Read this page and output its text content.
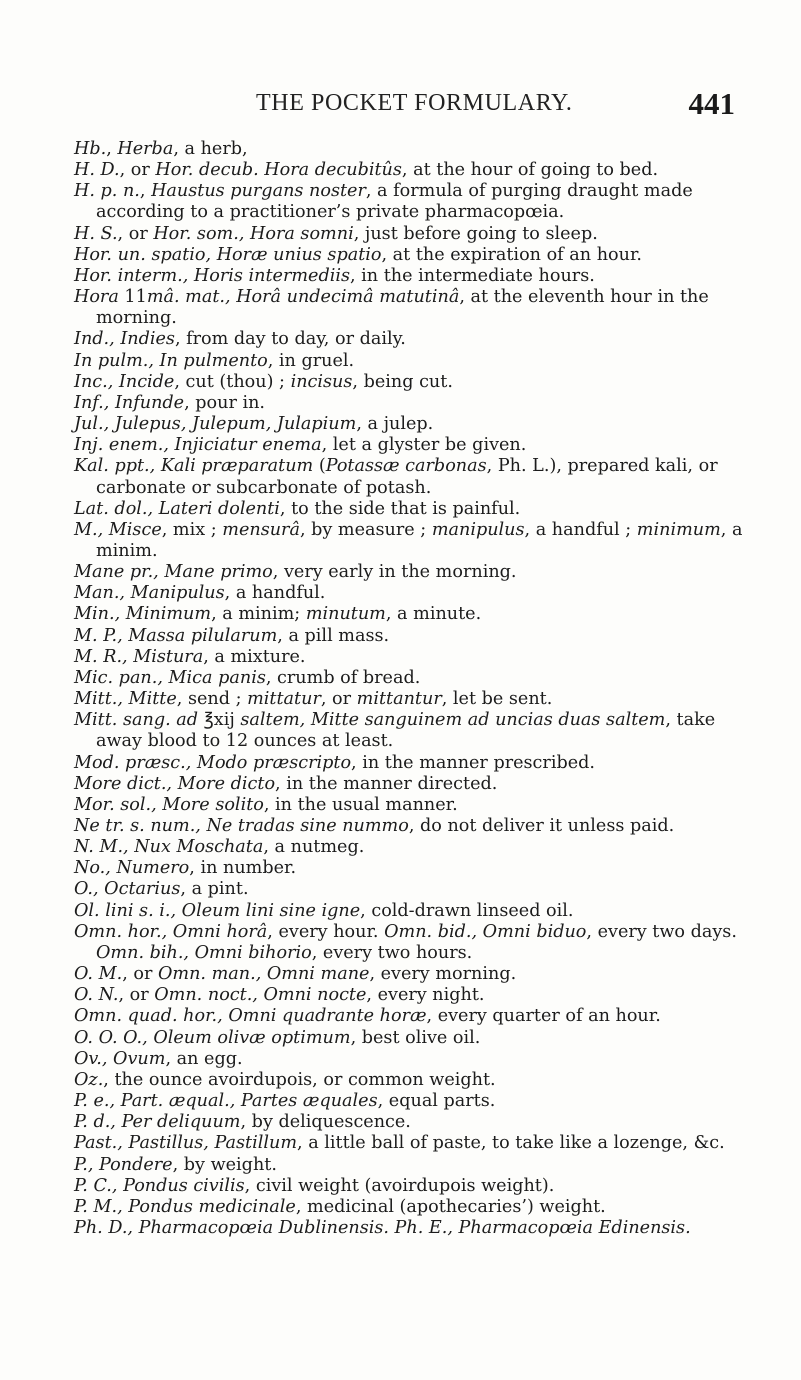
THE POCKET FORMULARY.	441

Hb., Herba, a herb,

H. D., or Hor. decub. Hora decubitûs, at the hour of going to bed.

H. p. n., Haustus purgans noster, a formula of purging draught made according to a practitioner’s private pharmacopœia.

H. S., or Hor. som., Hora somni, just before going to sleep.

Hor. un. spatio, Horæ unius spatio, at the expiration of an hour.

Hor. interm., Horis intermediis, in the intermediate hours.

Hora 11mâ. mat., Horâ undecimâ matutinâ, at the eleventh hour in the morning.

Ind., Indies, from day to day, or daily.

In pulm., In pulmento, in gruel.

Inc., Incide, cut (thou) ; incisus, being cut.

Inf., Infunde, pour in.

Jul., Julepus, Julepum, Julapium, a julep.

Inj. enem., Injiciatur enema, let a glyster be given.

Kal. ppt., Kali præparatum (Potassæ carbonas, Ph. L.), prepared kali, or carbonate or subcarbonate of potash.

Lat. dol., Lateri dolenti, to the side that is painful.

M., Misce, mix ; mensurâ, by measure ; manipulus, a handful ; minimum, a minim.

Mane pr., Mane primo, very early in the morning.

Man., Manipulus, a handful.

Min., Minimum, a minim; minutum, a minute.

M. P., Massa pilularum, a pill mass.

M. R., Mistura, a mixture.

Mic. pan., Mica panis, crumb of bread.

Mitt., Mitte, send ; mittatur, or mittantur, let be sent.

Mitt. sang. ad ℥xij saltem, Mitte sanguinem ad uncias duas saltem, take away blood to 12 ounces at least.

Mod. præsc., Modo præscripto, in the manner prescribed.

More dict., More dicto, in the manner directed.

Mor. sol., More solito, in the usual manner.

Ne tr. s. num., Ne tradas sine nummo, do not deliver it unless paid.

N. M., Nux Moschata, a nutmeg.

No., Numero, in number.

O., Octarius, a pint.

Ol. lini s. i., Oleum lini sine igne, cold-drawn linseed oil.

Omn. hor., Omni horâ, every hour. Omn. bid., Omni biduo, every two days. Omn. bih., Omni bihorio, every two hours.

O. M., or Omn. man., Omni mane, every morning.

O. N., or Omn. noct., Omni nocte, every night.

Omn. quad. hor., Omni quadrante horæ, every quarter of an hour.

O. O. O., Oleum olivæ optimum, best olive oil.

Ov., Ovum, an egg.

Oz., the ounce avoirdupois, or common weight.

P. e., Part. æqual., Partes æquales, equal parts.

P. d., Per deliquum, by deliquescence.

Past., Pastillus, Pastillum, a little ball of paste, to take like a lozenge, &c.

P., Pondere, by weight.

P. C., Pondus civilis, civil weight (avoirdupois weight).

P. M., Pondus medicinale, medicinal (apothecaries’) weight.

Ph. D., Pharmacopœia Dublinensis. Ph. E., Pharmacopœia Edinensis.
